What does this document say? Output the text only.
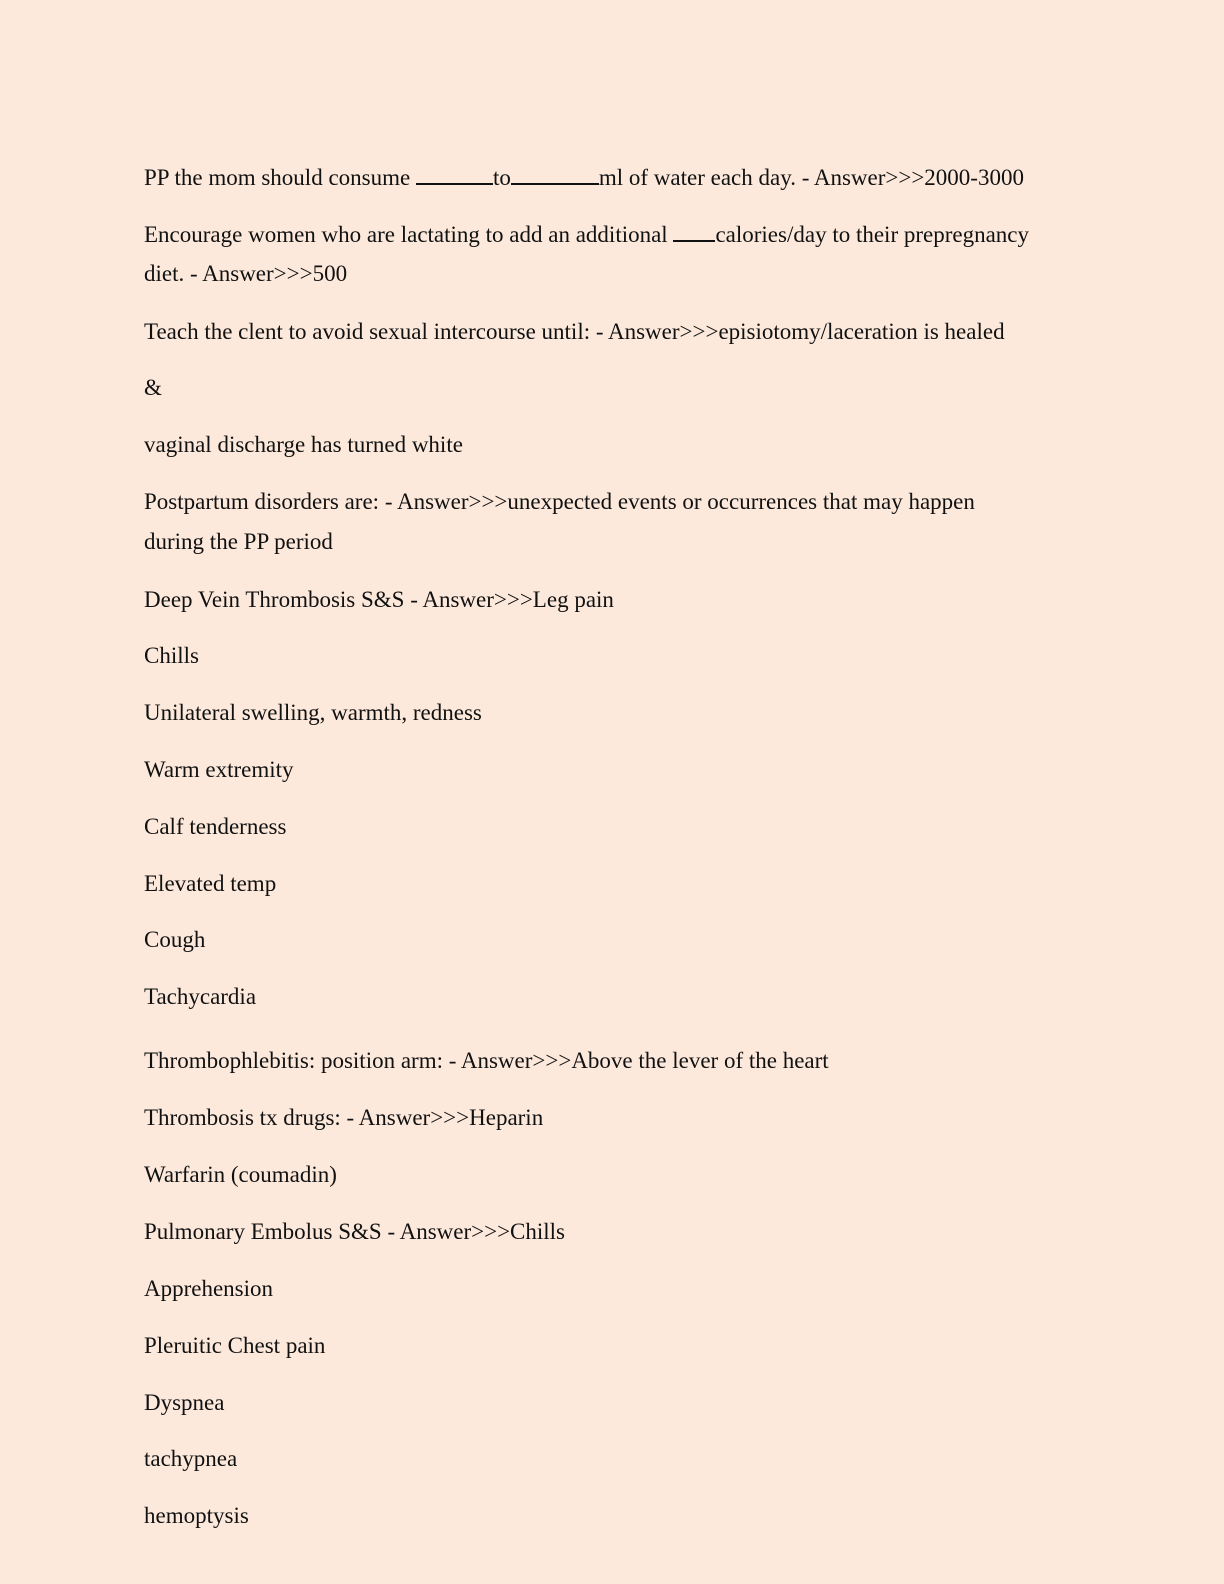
PP the mom should consume	to	ml of water each day. - Answer>>>2000-3000
Encourage women who are lactating to add an additional calories/day to their prepregnancy
diet. - Answer>>>500
Teach the clent to avoid sexual intercourse until: - Answer>>>episiotomy/laceration is healed
&
vaginal discharge has turned white
Postpartum disorders are: - Answer>>>unexpected events or occurrences that may happen
during the PP period
Deep Vein Thrombosis S&S - Answer>>>Leg pain
Chills
Unilateral swelling, warmth, redness
Warm extremity
Calf tenderness
Elevated temp
Cough
Tachycardia
Thrombophlebitis: position arm: - Answer>>>Above the lever of the heart
Thrombosis tx drugs: - Answer>>>Heparin
Warfarin (coumadin)
Pulmonary Embolus S&S - Answer>>>Chills
Apprehension
Pleruitic Chest pain
Dyspnea
tachypnea
hemoptysis
